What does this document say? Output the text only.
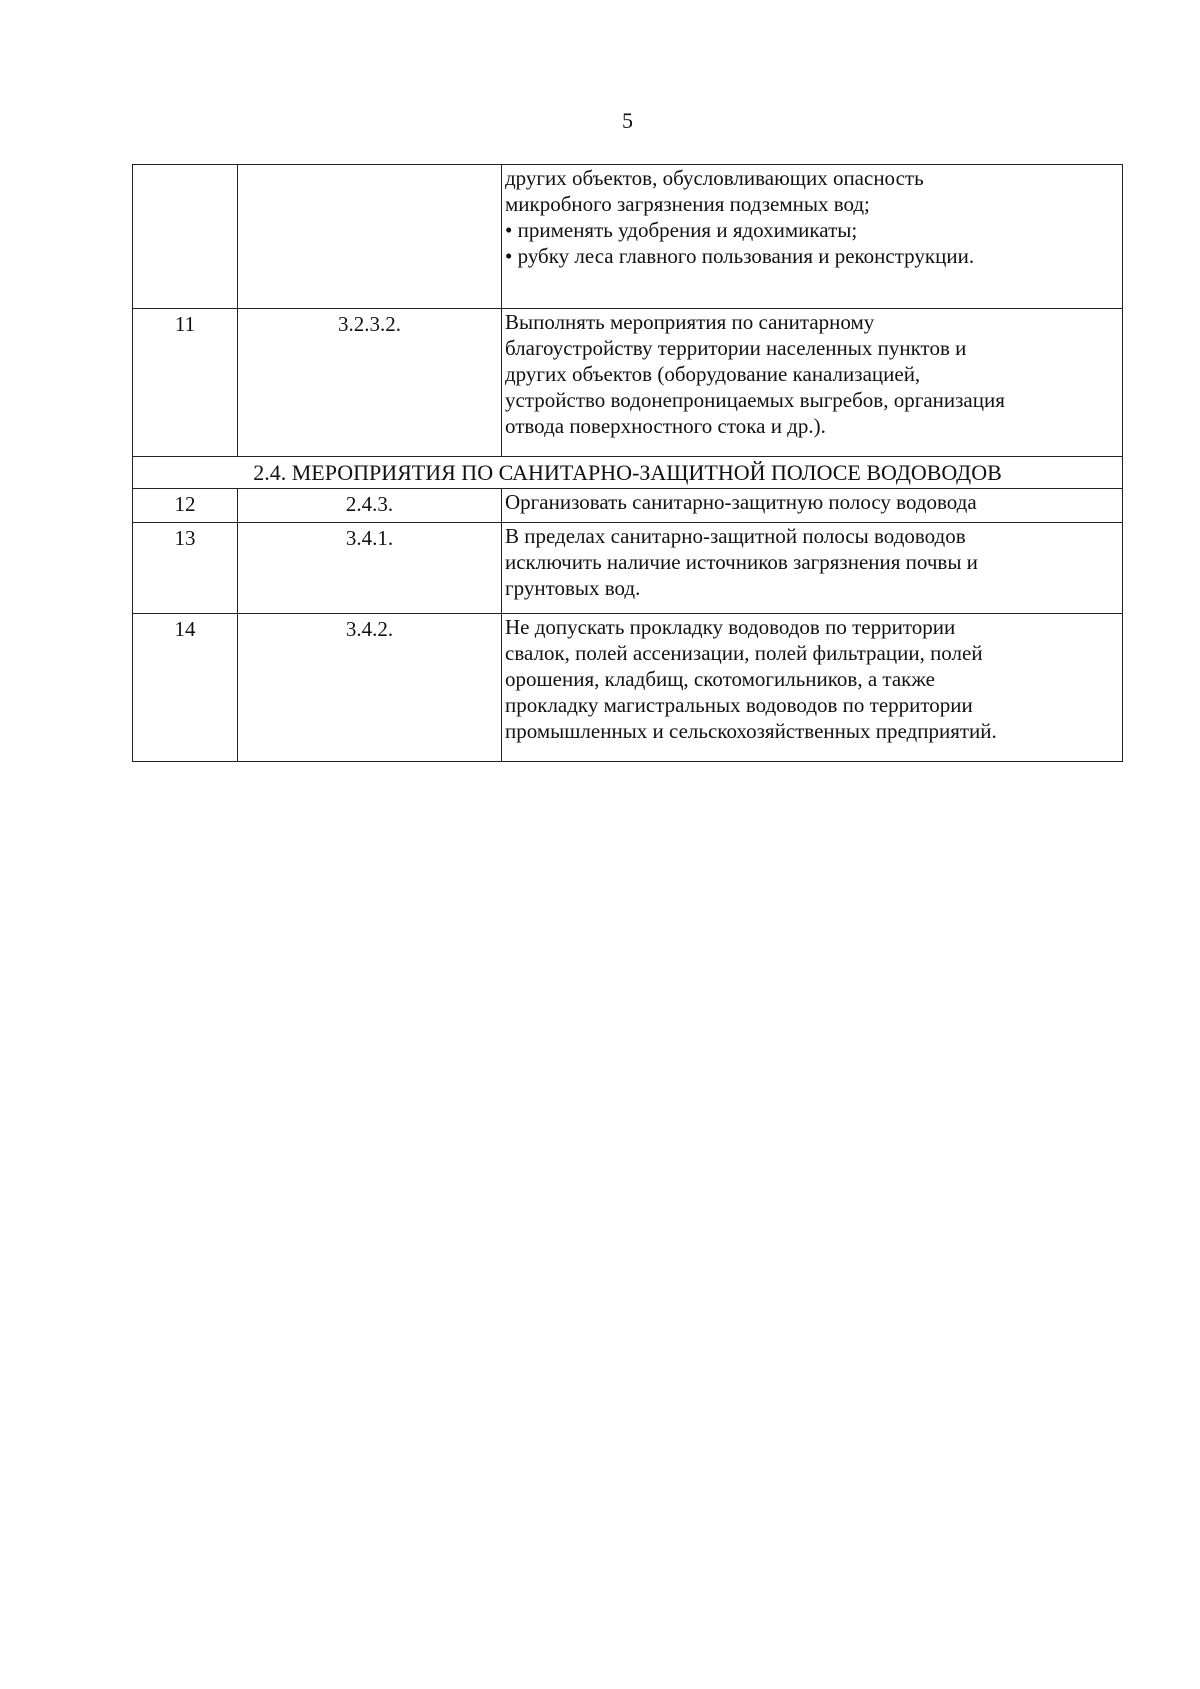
5

		других объектов, обусловливающих опасность
микробного загрязнения подземных вод;
• применять удобрения и ядохимикаты;
• рубку леса главного пользования и реконструкции.

11	3.2.3.2.	Выполнять мероприятия по санитарному
благоустройству территории населенных пунктов и
других объектов (оборудование канализацией,
устройство водонепроницаемых выгребов, организация
отвода поверхностного стока и др.).

2.4. МЕРОПРИЯТИЯ ПО САНИТАРНО-ЗАЩИТНОЙ ПОЛОСЕ ВОДОВОДОВ		
12	2.4.3.	Организовать санитарно-защитную полосу водовода

13	3.4.1.	В пределах санитарно-защитной полосы водоводов
исключить наличие источников загрязнения почвы и
грунтовых вод.

14	3.4.2.	Не допускать прокладку водоводов по территории
свалок, полей ассенизации, полей фильтрации, полей
орошения, кладбищ, скотомогильников, а также
прокладку магистральных водоводов по территории
промышленных и сельскохозяйственных предприятий.
